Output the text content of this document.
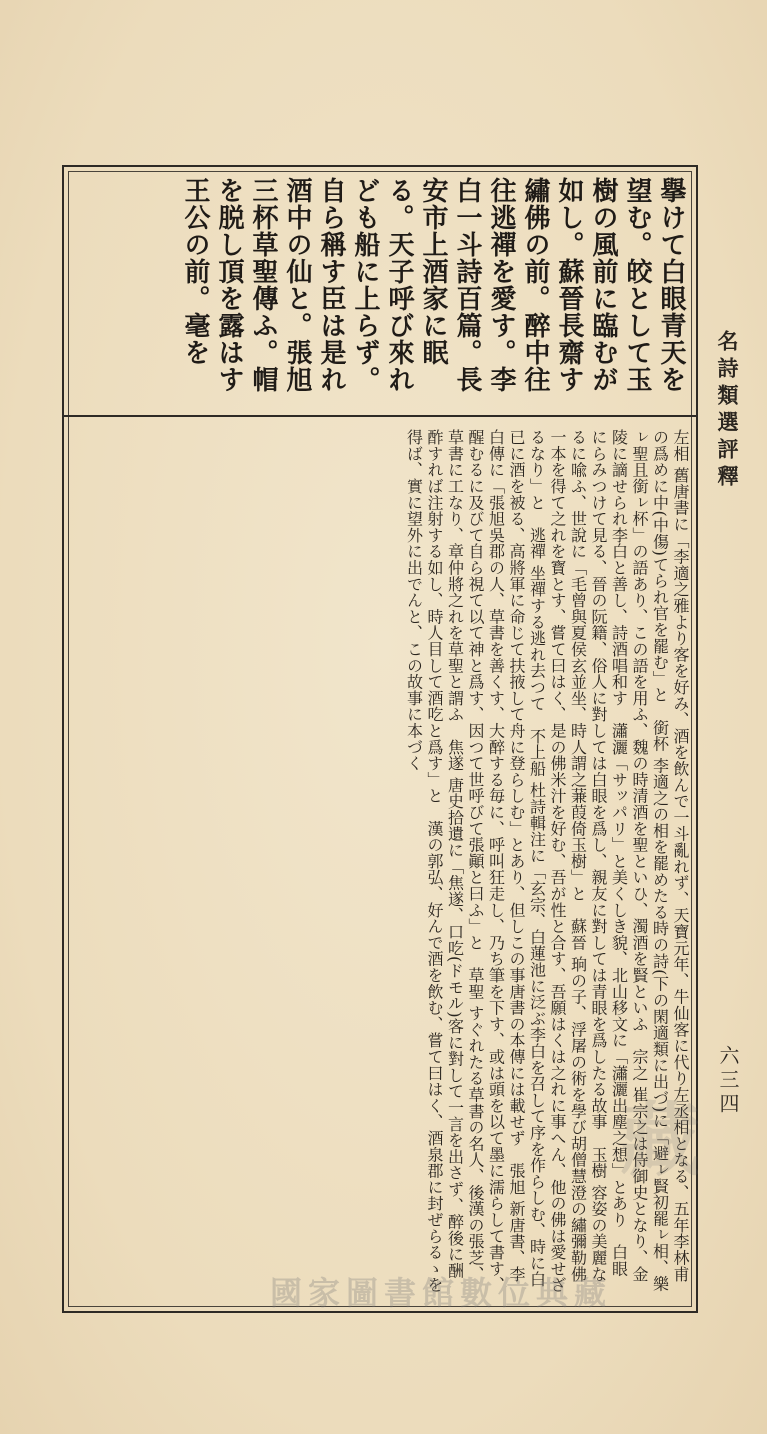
名詩類選評釋
六三四
擧けて白眼青天を望む。皎として玉樹の風前に臨むが如し。蘇晉長齋す繡佛の前。醉中往往逃禪を愛す。李白一斗詩百篇。長安市上酒家に眠る。天子呼び來れども船に上らず。自ら稱す臣は是れ酒中の仙と。張旭三杯草聖傳ふ。帽を脱し頂を露はす王公の前。毫を
左相 舊唐書に「李適之雅より客を好み、酒を飲んで一斗亂れず、天寶元年、牛仙客に代り左丞相となる、五年李林甫の爲めに中(中傷)てられ官を罷む」と　銜杯 李適之の相を罷めたる時の詩(下の閑適類に出づ)に「避ㇾ賢初罷ㇾ相、樂ㇾ聖且銜ㇾ杯」の語あり、この語を用ふ、魏の時清酒を聖といひ、濁酒を賢といふ　宗之 崔宗之は侍御史となり、金陵に謫せられ李白と善し、詩酒唱和す　瀟灑「サッパリ」と美くしき貌、北山移文に「瀟灑出塵之想」とあり　白眼 にらみつけて見る、晉の阮籍、俗人に對しては白眼を爲し、親友に對しては青眼を爲したる故事　玉樹 容姿の美麗なるに喩ふ、世說に「毛曾與夏侯玄並坐、時人謂之蒹葭倚玉樹」と　蘇晉 珦の子、浮屠の術を學び胡僧慧澄の繡彌勒佛一本を得て之れを寳とす、嘗て曰はく、是の佛米汁を好む、吾が性と合す、吾願はくは之れに事へん、他の佛は愛せざるなり」と　逃禪 坐禪する逃れ去つて　不上船 杜詩輯注に「玄宗、白蓮池に泛ぶ李白を召して序を作らしむ、時に白已に酒を被る、高將軍に命じて扶掖して舟に登らしむ」とあり、但しこの事唐書の本傳には載せず　張旭 新唐書、李白傳に「張旭吳郡の人、草書を善くす、大醉する毎に、呼叫狂走し、乃ち筆を下す、或は頭を以て墨に濡らして書す、醒むるに及びて自ら視て以て神と爲す、因つて世呼びて張顚と曰ふ」と　草聖 すぐれたる草書の名人、後漢の張芝、草書に工なり、章仲將之れを草聖と謂ふ　焦遂 唐史拾遺に「焦遂、口吃(ドモル)客に對して一言を出さず、醉後に酬酢すれば注射する如し、時人目して酒吃と爲す」と　漢の郭弘、好んで酒を飲む、嘗て曰はく、酒泉郡に封ぜらるゝを得ば、實に望外に出でんと、この故事に本づく
藏
國家圖書館數位典藏
